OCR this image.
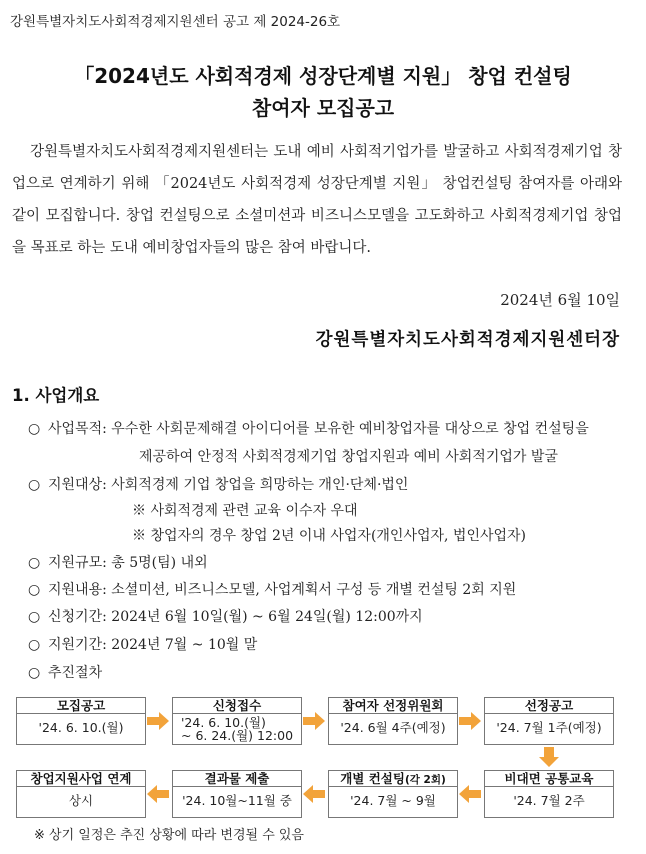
강원특별자치도사회적경제지원센터 공고 제 2024-26호
「2024년도 사회적경제 성장단계별 지원」 창업 컨설팅
참여자 모집공고
강원특별자치도사회적경제지원센터는 도내 예비 사회적기업가를 발굴하고 사회적경제기업 창업으로 연계하기 위해 「2024년도 사회적경제 성장단계별 지원」 창업컨설팅 참여자를 아래와 같이 모집합니다. 창업 컨설팅으로 소셜미션과 비즈니스모델을 고도화하고 사회적경제기업 창업을 목표로 하는 도내 예비창업자들의 많은 참여 바랍니다.
2024년 6월 10일
강원특별자치도사회적경제지원센터장
1. 사업개요
○ 사업목적: 우수한 사회문제해결 아이디어를 보유한 예비창업자를 대상으로 창업 컨설팅을
제공하여 안정적 사회적경제기업 창업지원과 예비 사회적기업가 발굴
○ 지원대상: 사회적경제 기업 창업을 희망하는 개인·단체·법인
※ 사회적경제 관련 교육 이수자 우대
※ 창업자의 경우 창업 2년 이내 사업자(개인사업자, 법인사업자)
○ 지원규모: 총 5명(팀) 내외
○ 지원내용: 소셜미션, 비즈니스모델, 사업계획서 구성 등 개별 컨설팅 2회 지원
○ 신청기간: 2024년 6월 10일(월) ~ 6월 24일(월) 12:00까지
○ 지원기간: 2024년 7월 ~ 10월 말
○ 추진절차
모집공고
'24. 6. 10.(월)
신청접수
'24. 6. 10.(월)
~ 6. 24.(월) 12:00
참여자 선정위원회
'24. 6월 4주(예정)
선정공고
'24. 7월 1주(예정)
비대면 공통교육
'24. 7월 2주
개별 컨설팅(각 2회)
'24. 7월 ~ 9월
결과물 제출
'24. 10월~11월 중
창업지원사업 연계
상시
※ 상기 일정은 추진 상황에 따라 변경될 수 있음
